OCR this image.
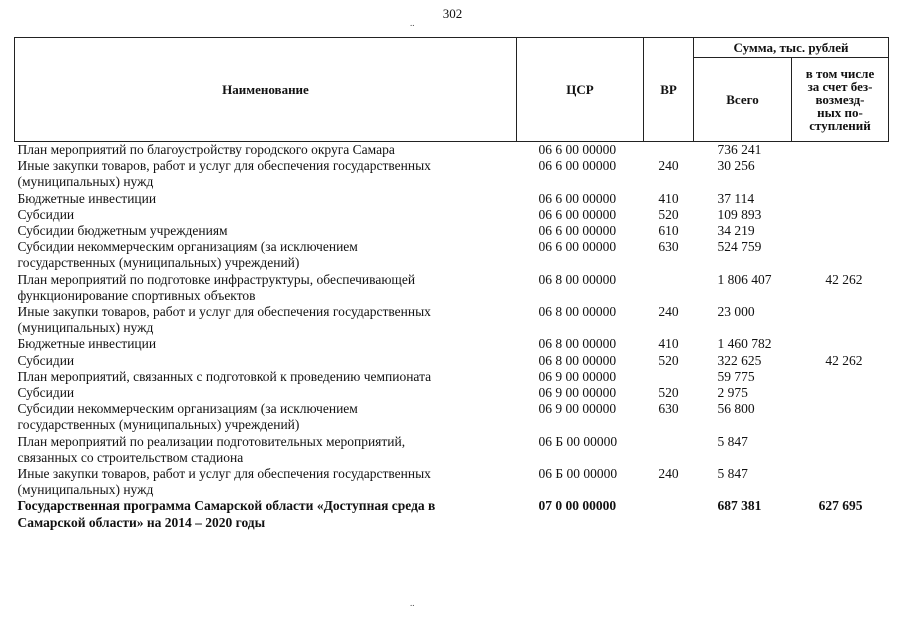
302
..
..
Наименование	ЦСР	ВР	Сумма, тыс. рублей	
			Всего	в том числе
за счет без-
возмезд-
ных по-
ступлений
План мероприятий по благоустройству городского округа Самара	06 6 00 00000		736 241	
Иные закупки товаров, работ и услуг для обеспечения государственных
(муниципальных) нужд	06 6 00 00000	240	30 256	
Бюджетные инвестиции	06 6 00 00000	410	37 114	
Субсидии	06 6 00 00000	520	109 893	
Субсидии бюджетным учреждениям	06 6 00 00000	610	34 219	
Субсидии некоммерческим организациям (за исключением
государственных (муниципальных) учреждений)	06 6 00 00000	630	524 759	
План мероприятий по подготовке инфраструктуры, обеспечивающей
функционирование спортивных объектов	06 8 00 00000		1 806 407	42 262
Иные закупки товаров, работ и услуг для обеспечения государственных
(муниципальных) нужд	06 8 00 00000	240	23 000	
Бюджетные инвестиции	06 8 00 00000	410	1 460 782	
Субсидии	06 8 00 00000	520	322 625	42 262
План мероприятий, связанных с подготовкой к проведению чемпионата	06 9 00 00000		59 775	
Субсидии	06 9 00 00000	520	2 975	
Субсидии некоммерческим организациям (за исключением
государственных (муниципальных) учреждений)	06 9 00 00000	630	56 800	
План мероприятий по реализации подготовительных мероприятий,
связанных со строительством стадиона	06 Б 00 00000		5 847	
Иные закупки товаров, работ и услуг для обеспечения государственных
(муниципальных) нужд	06 Б 00 00000	240	5 847	
Государственная программа Самарской области «Доступная среда в
Самарской области» на 2014 – 2020 годы	07 0 00 00000		687 381	627 695
